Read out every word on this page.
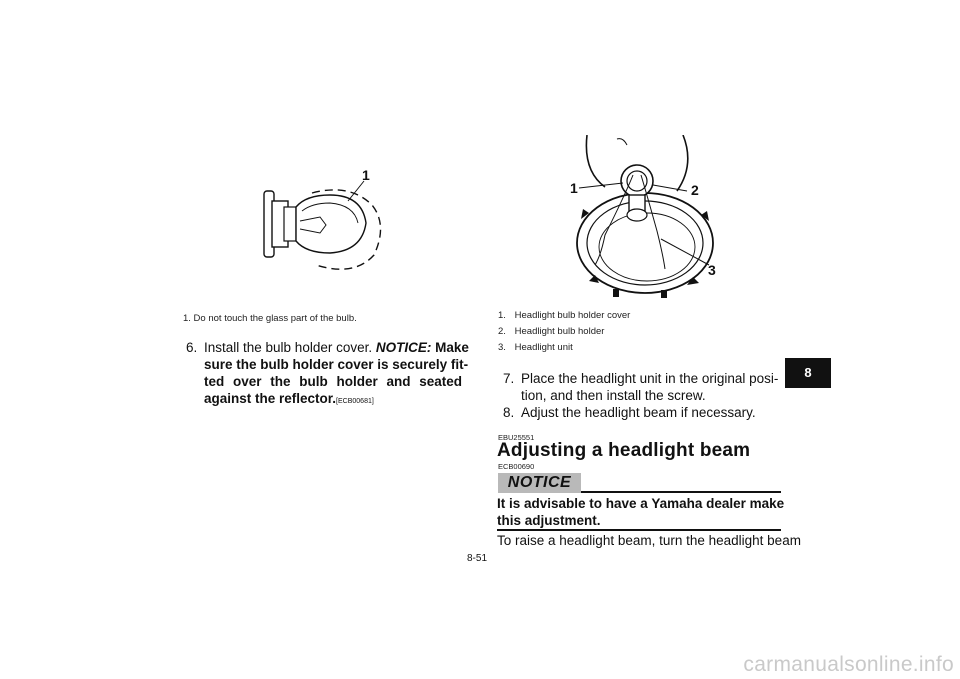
1
1. Do not touch the glass part of the bulb.
6. Install the bulb holder cover. NOTICE: Make
sure the bulb holder cover is securely fit-
ted over the bulb holder and seated
against the reflector.[ECB00681]
1	2
3
1. Headlight bulb holder cover
2. Headlight bulb holder
3. Headlight unit
7. Place the headlight unit in the original posi-
tion, and then install the screw.
8. Adjust the headlight beam if necessary.
EBU25551
Adjusting a headlight beam
ECB00690
NOTICE
It is advisable to have a Yamaha dealer make
this adjustment.
To raise a headlight beam, turn the headlight beam
8-51
8
carmanualsonline.info
